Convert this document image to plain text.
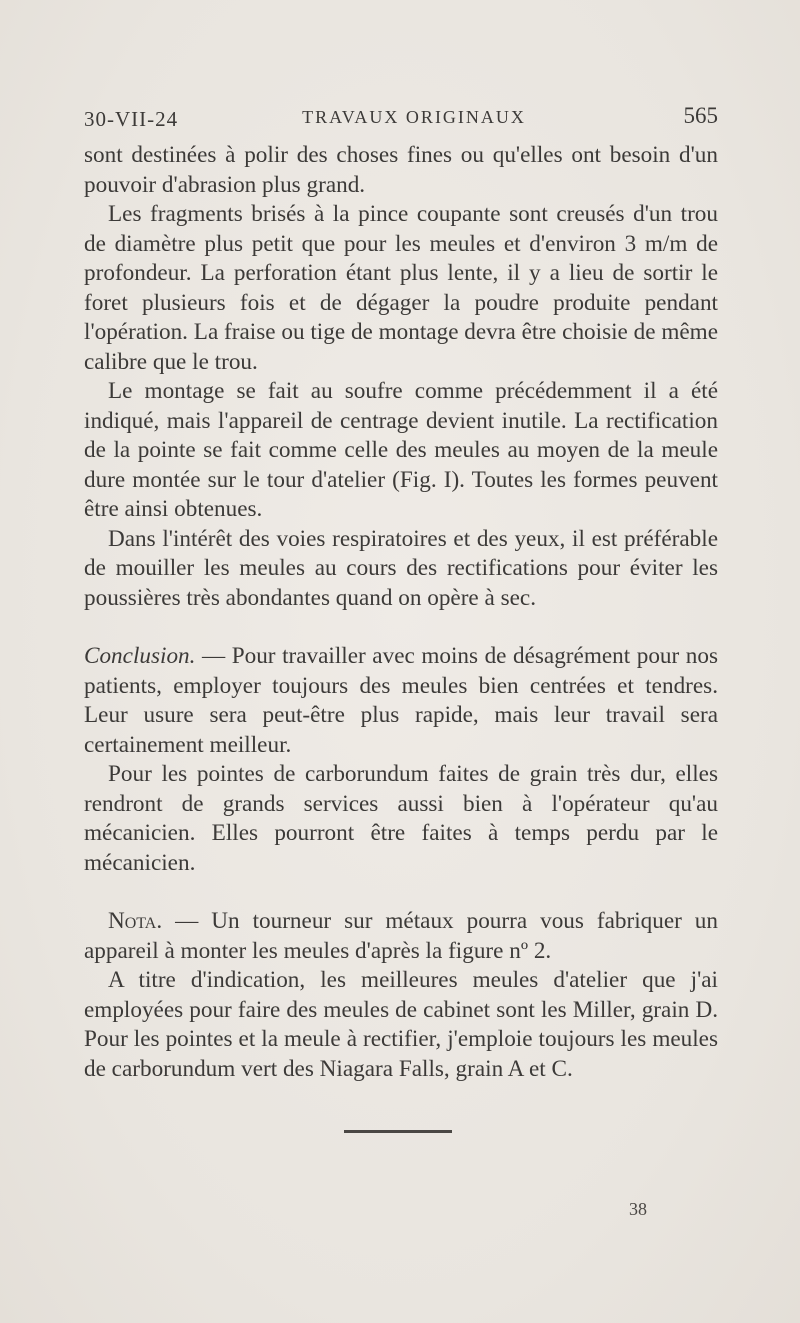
30-VII-24	TRAVAUX ORIGINAUX	565

sont destinées à polir des choses fines ou qu'elles ont besoin d'un pouvoir d'abrasion plus grand.

Les fragments brisés à la pince coupante sont creusés d'un trou de diamètre plus petit que pour les meules et d'environ 3 m/m de profondeur. La perforation étant plus lente, il y a lieu de sortir le foret plusieurs fois et de dégager la poudre produite pendant l'opération. La fraise ou tige de montage devra être choisie de même calibre que le trou.

Le montage se fait au soufre comme précédemment il a été indiqué, mais l'appareil de centrage devient inutile. La rectification de la pointe se fait comme celle des meules au moyen de la meule dure montée sur le tour d'atelier (Fig. I). Toutes les formes peuvent être ainsi obtenues.

Dans l'intérêt des voies respiratoires et des yeux, il est préférable de mouiller les meules au cours des rectifications pour éviter les poussières très abondantes quand on opère à sec.

Conclusion. — Pour travailler avec moins de désagrément pour nos patients, employer toujours des meules bien centrées et tendres. Leur usure sera peut-être plus rapide, mais leur travail sera certainement meilleur.

Pour les pointes de carborundum faites de grain très dur, elles rendront de grands services aussi bien à l'opérateur qu'au mécanicien. Elles pourront être faites à temps perdu par le mécanicien.

Nota. — Un tourneur sur métaux pourra vous fabriquer un appareil à monter les meules d'après la figure nº 2.

A titre d'indication, les meilleures meules d'atelier que j'ai employées pour faire des meules de cabinet sont les Miller, grain D. Pour les pointes et la meule à rectifier, j'emploie toujours les meules de carborundum vert des Niagara Falls, grain A et C.

38
